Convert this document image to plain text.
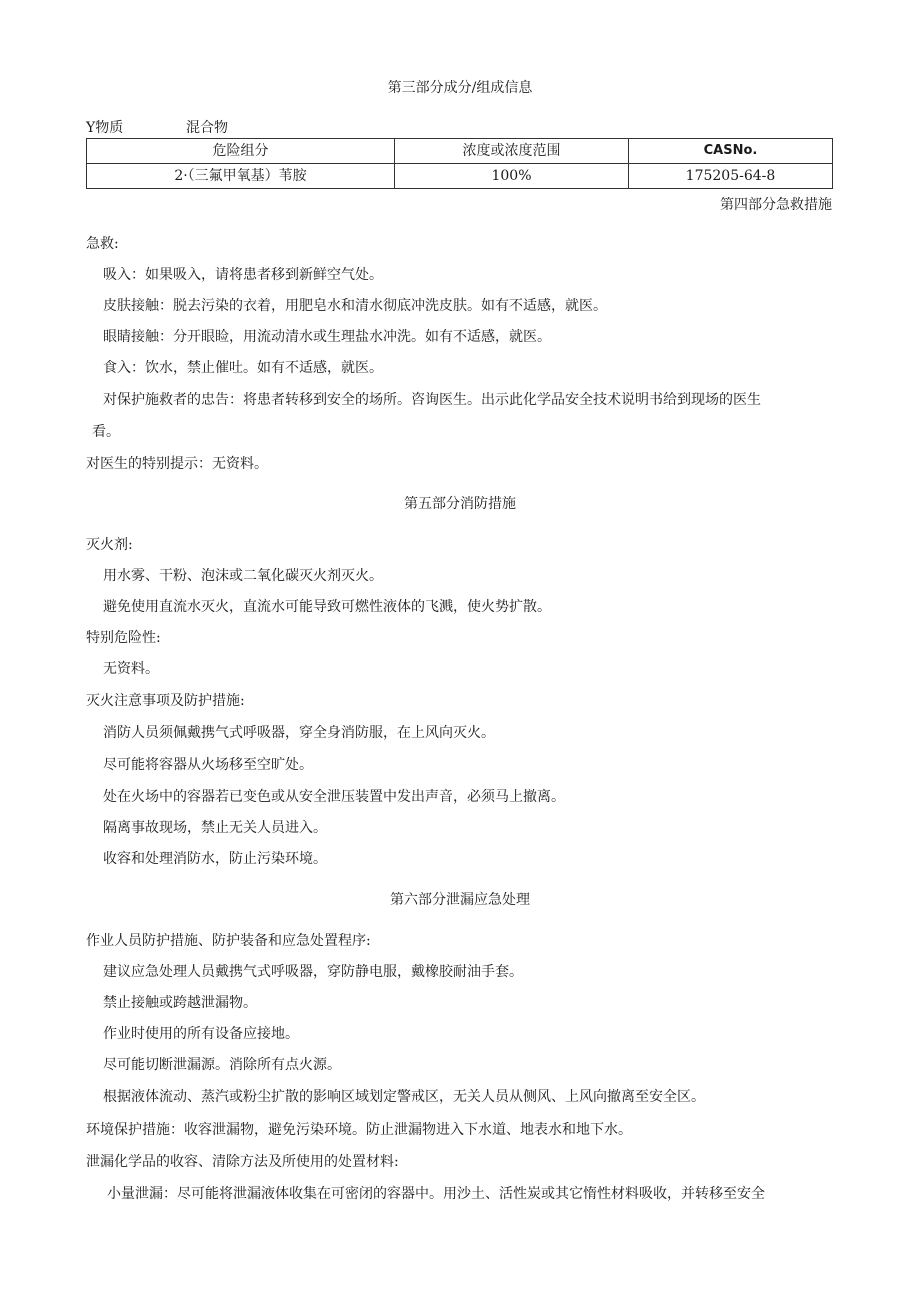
第三部分成分/组成信息
Y物质	混合物
危险组分	浓度或浓度范围	CASNo.
2·（三氟甲氧基）苇胺	100%	175205-64-8
第四部分急救措施
急救:
吸入：如果吸入，请将患者移到新鲜空气处。
皮肤接触：脱去污染的衣着，用肥皂水和清水彻底冲洗皮肤。如有不适感，就医。
眼睛接触：分开眼睑，用流动清水或生理盐水冲洗。如有不适感，就医。
食入：饮水，禁止催吐。如有不适感，就医。
对保护施救者的忠告：将患者转移到安全的场所。咨询医生。出示此化学品安全技术说明书给到现场的医生
看。
对医生的特别提示：无资料。
第五部分消防措施
灭火剂:
用水雾、干粉、泡沫或二氧化碳灭火剂灭火。
避免使用直流水灭火，直流水可能导致可燃性液体的飞溅，使火势扩散。
特别危险性:
无资料。
灭火注意事项及防护措施:
消防人员须佩戴携气式呼吸器，穿全身消防服，在上风向灭火。
尽可能将容器从火场移至空旷处。
处在火场中的容器若已变色或从安全泄压装置中发出声音，必须马上撤离。
隔离事故现场，禁止无关人员进入。
收容和处理消防水，防止污染环境。
第六部分泄漏应急处理
作业人员防护措施、防护装备和应急处置程序:
建议应急处理人员戴携气式呼吸器，穿防静电服，戴橡胶耐油手套。
禁止接触或跨越泄漏物。
作业时使用的所有设备应接地。
尽可能切断泄漏源。消除所有点火源。
根据液体流动、蒸汽或粉尘扩散的影响区域划定警戒区，无关人员从侧风、上风向撤离至安全区。
环境保护措施：收容泄漏物，避免污染环境。防止泄漏物进入下水道、地表水和地下水。
泄漏化学品的收容、清除方法及所使用的处置材料:
小量泄漏：尽可能将泄漏液体收集在可密闭的容器中。用沙土、活性炭或其它惰性材料吸收，并转移至安全
